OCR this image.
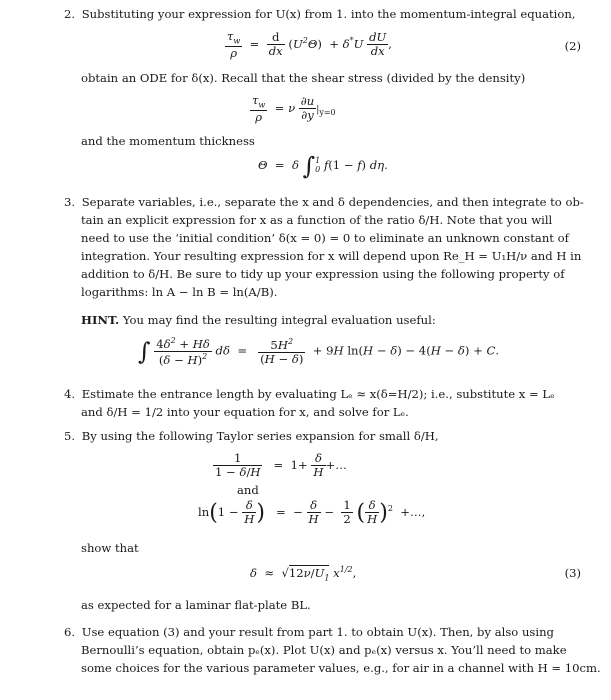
2. Substituting your expression for U(x) from 1. into the momentum-integral equation,
$\frac{\tau_w}{\rho} = \frac{d}{dx} (U^2\Theta) + \delta^*U \frac{dU}{dx}$ ,	(2)
obtain an ODE for δ(x). Recall that the shear stress (divided by the density)
$\frac{\tau_w}{\rho} = \nu \frac{\partial u}{\partial y} |_{y=0}$
and the momentum thickness
Θ  =  δ ∫ 1
0 f(1 − f) dη.
3. Separate variables, i.e., separate the x and δ dependencies, and then integrate to ob-
tain an explicit expression for x as a function of the ratio δ/H. Note that you will
need to use the ‘initial condition’ δ(x = 0) = 0 to eliminate an unknown constant of
integration. Your resulting expression for x will depend upon Re_H = U₁H/ν and H in
addition to δ/H. Be sure to tidy up your expression using the following property of
logarithms: ln A − ln B = ln(A/B).
HINT. You may find the resulting integral evaluation useful:
∫ $\frac{4\delta^2 + H\delta}{(\delta - H)^2}$ $d\delta = \frac{5H^2}{(H - \delta)} + 9H$ ln(H − δ) − 4(H − δ) + C.
4. Estimate the entrance length by evaluating Lₑ ≈ x(δ=H/2); i.e., substitute x = Lₑ
and δ/H = 1/2 into your equation for x, and solve for Lₑ.
5. By using the following Taylor series expansion for small δ/H,
$\frac{1}{1 - \delta/H} = 1+ \frac{\delta}{H}$ +…
and
$\ln(1 - \frac{\delta}{H}$ )   =  − $\frac{\delta}{H} - \frac{1}{2}$ ( $\frac{\delta}{H} )^2$  +…,
show that
$\delta \approx √12\nu/U_1$ $x^{1/2}$,	(3)
as expected for a laminar flat-plate BL.
6. Use equation (3) and your result from part 1. to obtain U(x). Then, by also using
Bernoulli’s equation, obtain pₑ(x). Plot U(x) and pₑ(x) versus x. You’ll need to make
some choices for the various parameter values, e.g., for air in a channel with H = 10cm.
